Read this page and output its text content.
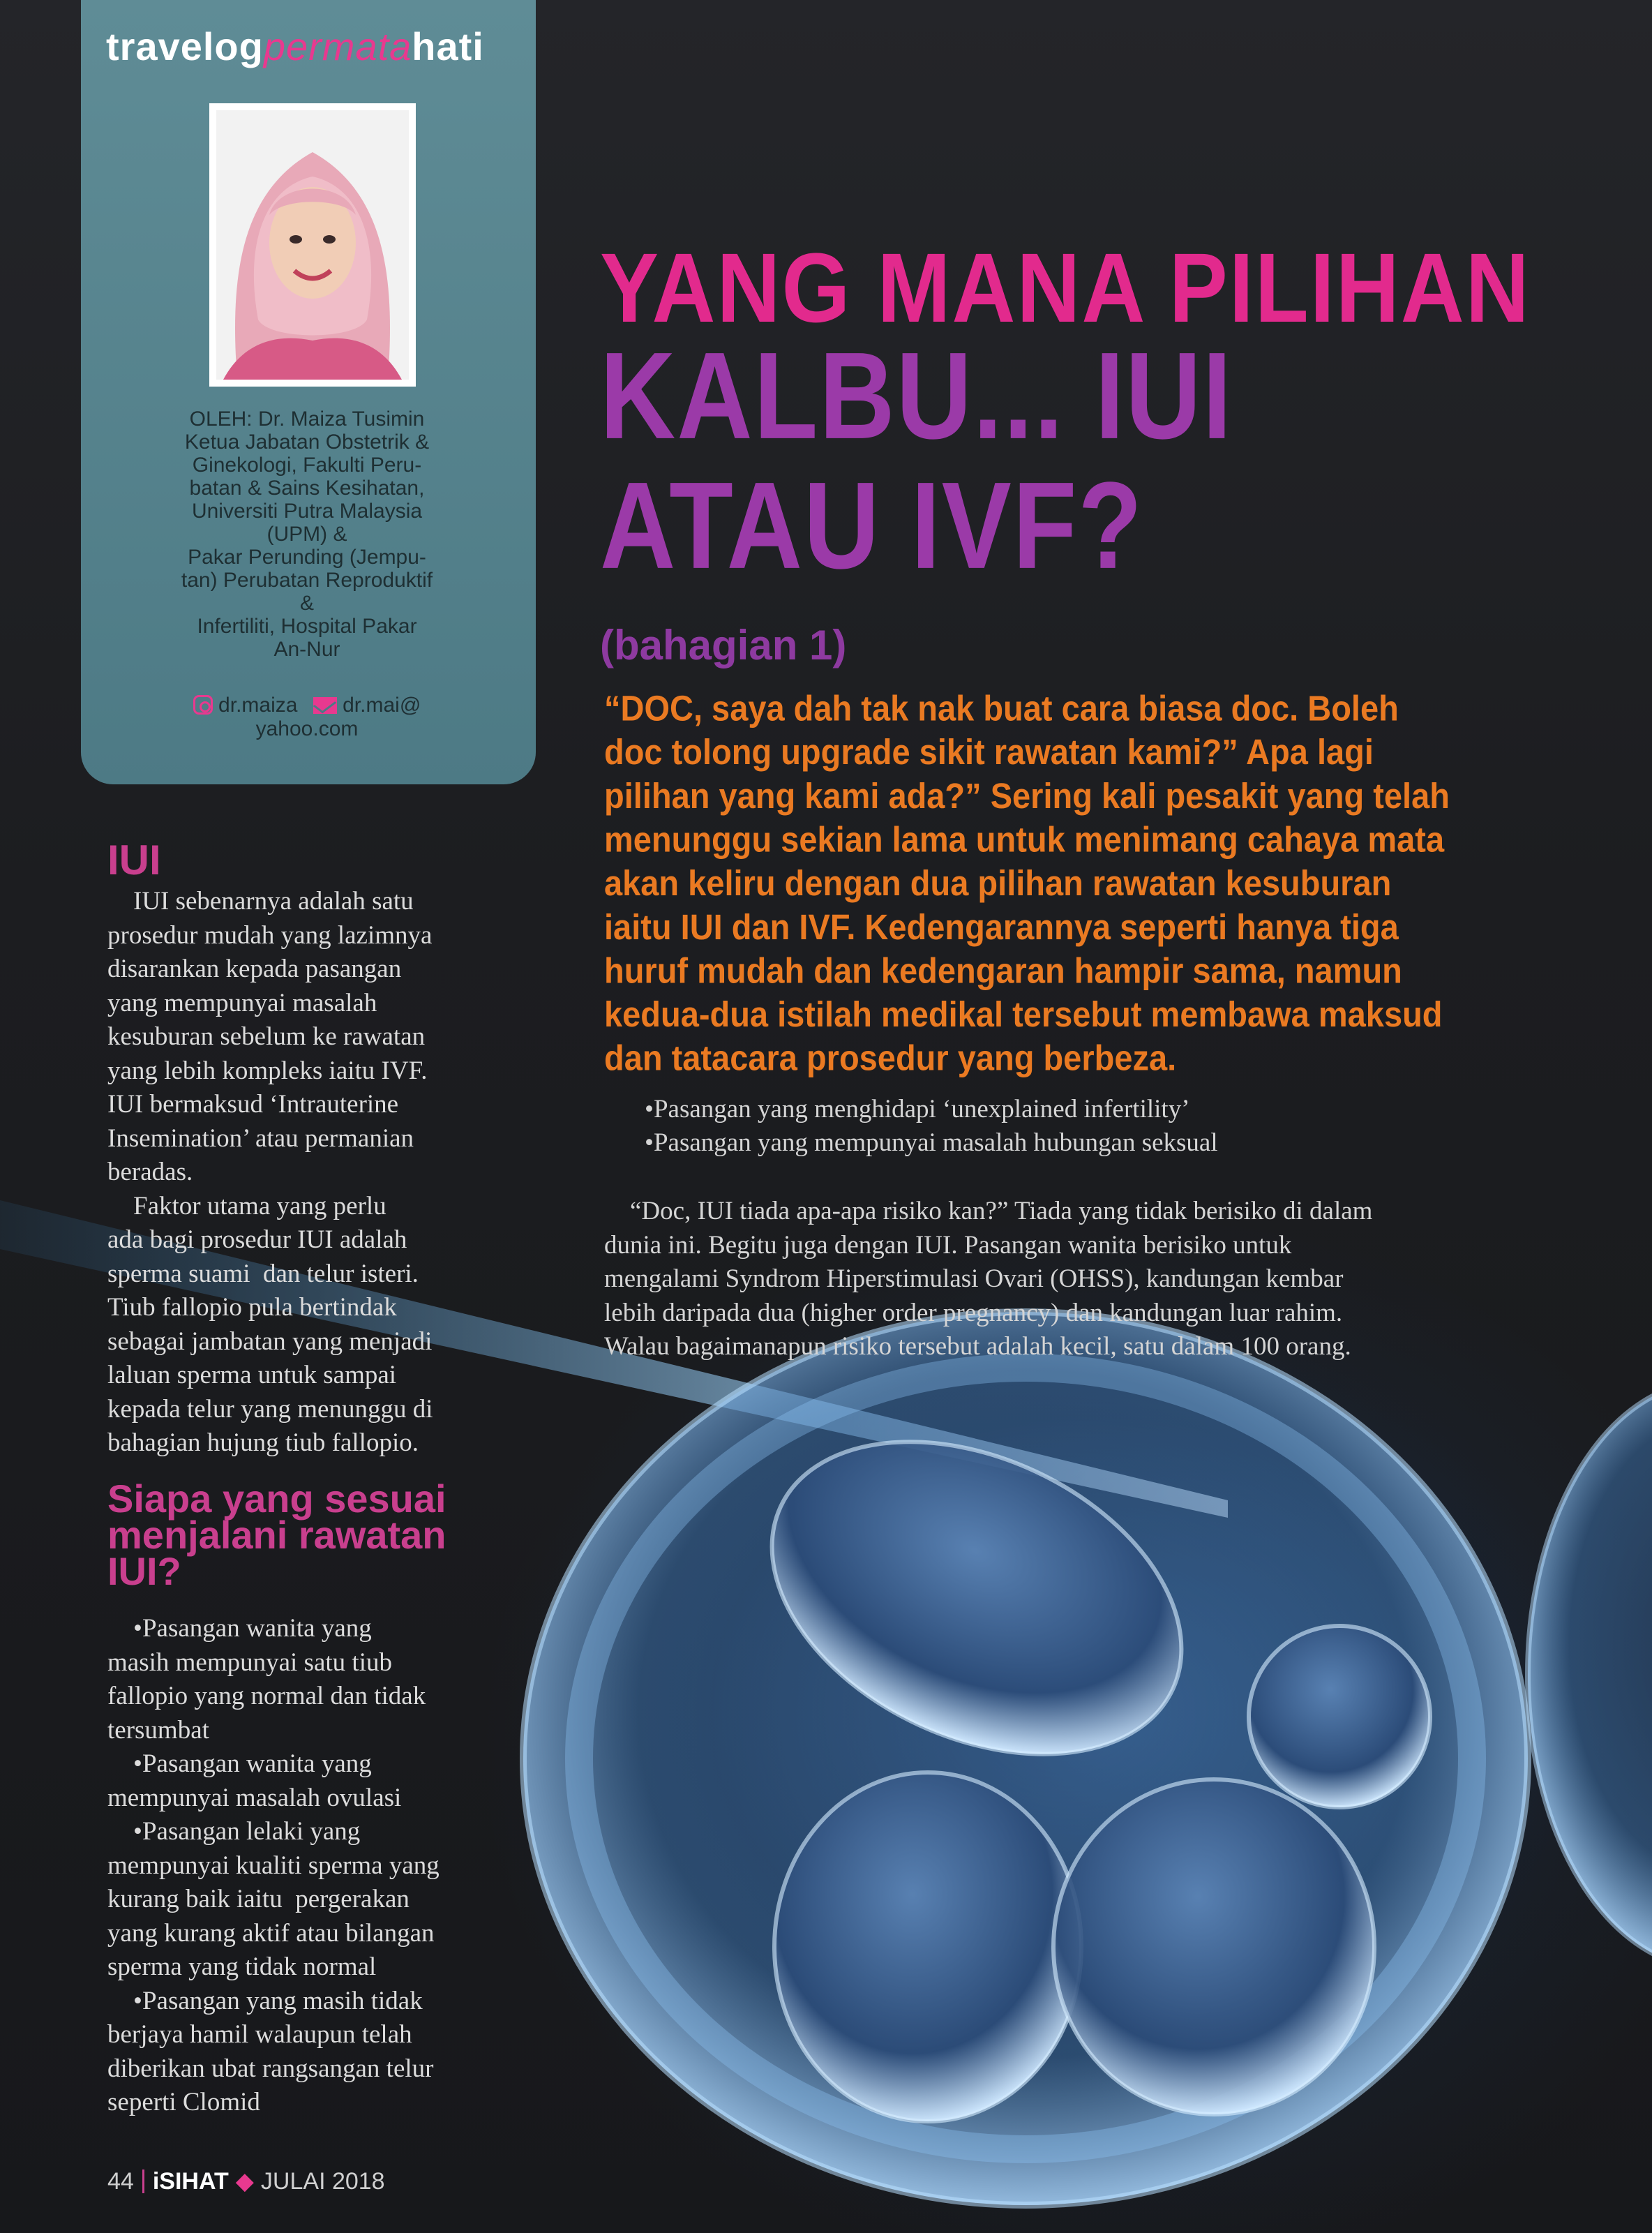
travelogpermatahati
OLEH: Dr. Maiza Tusimin
Ketua Jabatan Obstetrik &
Ginekologi, Fakulti Peru-
batan & Sains Kesihatan,
Universiti Putra Malaysia
(UPM) &
Pakar Perunding (Jempu-
tan) Perubatan Reproduktif
&
Infertiliti, Hospital Pakar
An-Nur
dr.maiza dr.mai@
yahoo.com
YANG MANA PILIHAN
KALBU... IUI
ATAU IVF?
(bahagian 1)
“DOC, saya dah tak nak buat cara biasa doc. Boleh
doc tolong upgrade sikit rawatan kami?” Apa lagi
pilihan yang kami ada?” Sering kali pesakit yang telah
menunggu sekian lama untuk menimang cahaya mata
akan keliru dengan dua pilihan rawatan kesuburan
iaitu IUI dan IVF. Kedengarannya seperti hanya tiga
huruf mudah dan kedengaran hampir sama, namun
kedua-dua istilah medikal tersebut membawa maksud
dan tatacara prosedur yang berbeza.
IUI
IUI sebenarnya adalah satu
prosedur mudah yang lazimnya
disarankan kepada pasangan
yang mempunyai masalah
kesuburan sebelum ke rawatan
yang lebih kompleks iaitu IVF.
IUI bermaksud ‘Intrauterine
Insemination’ atau permanian
beradas.
Faktor utama yang perlu
ada bagi prosedur IUI adalah
sperma suami  dan telur isteri.
Tiub fallopio pula bertindak
sebagai jambatan yang menjadi
laluan sperma untuk sampai
kepada telur yang menunggu di
bahagian hujung tiub fallopio.
Siapa yang sesuai
menjalani rawatan
IUI?
•Pasangan wanita yang
masih mempunyai satu tiub
fallopio yang normal dan tidak
tersumbat
•Pasangan wanita yang
mempunyai masalah ovulasi
•Pasangan lelaki yang
mempunyai kualiti sperma yang
kurang baik iaitu  pergerakan
yang kurang aktif atau bilangan
sperma yang tidak normal
•Pasangan yang masih tidak
berjaya hamil walaupun telah
diberikan ubat rangsangan telur
seperti Clomid
•Pasangan yang menghidapi ‘unexplained infertility’
•Pasangan yang mempunyai masalah hubungan seksual
“Doc, IUI tiada apa-apa risiko kan?” Tiada yang tidak berisiko di dalam
dunia ini. Begitu juga dengan IUI. Pasangan wanita berisiko untuk
mengalami Syndrom Hiperstimulasi Ovari (OHSS), kandungan kembar
lebih daripada dua (higher order pregnancy) dan kandungan luar rahim.
Walau bagaimanapun risiko tersebut adalah kecil, satu dalam 100 orang.
44 iSIHAT ◆ JULAI 2018
